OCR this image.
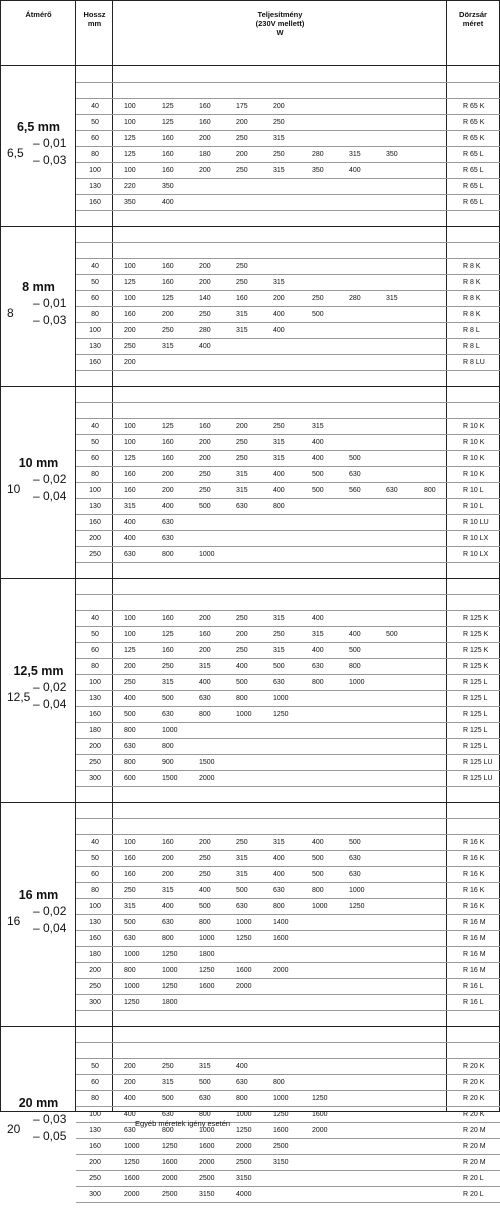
Átmérő	Hossz
mm
Teljesítmény
(230V mellett)
W
Dörzsár
méret
40	100	125	160	175	200	R 65 K
50	100	125	160	200	250	R 65 K
60	125	160	200	250	315	R 65 K
80	125	160	180	200	250	280	315	350	R 65 L
100	100	160	200	250	315	350	400	R 65 L
130	220	350	R 65 L
160	350	400	R 65 L
6,5 mm
6,5
– 0,01
– 0,03
40	100	160	200	250	R 8 K
50	125	160	200	250	315	R 8 K
60	100	125	140	160	200	250	280	315	R 8 K
80	160	200	250	315	400	500	R 8 K
100	200	250	280	315	400	R 8 L
130	250	315	400	R 8 L
160	200	R 8 LU
8 mm
8
– 0,01
– 0,03
40	100	125	160	200	250	315	R 10 K
50	100	160	200	250	315	400	R 10 K
60	125	160	200	250	315	400	500	R 10 K
80	160	200	250	315	400	500	630	R 10 K
100	160	200	250	315	400	500	560	630	800	R 10 L
130	315	400	500	630	800	R 10 L
160	400	630	R 10 LU
200	400	630	R 10 LX
250	630	800	1000	R 10 LX
10 mm
10
– 0,02
– 0,04
40	100	160	200	250	315	400	R 125 K
50	100	125	160	200	250	315	400	500	R 125 K
60	125	160	200	250	315	400	500	R 125 K
80	200	250	315	400	500	630	800	R 125 K
100	250	315	400	500	630	800	1000	R 125 L
130	400	500	630	800	1000	R 125 L
160	500	630	800	1000	1250	R 125 L
180	800	1000	R 125 L
200	630	800	R 125 L
250	800	900	1500	R 125 LU
300	600	1500	2000	R 125 LU
12,5 mm
12,5
– 0,02
– 0,04
40	100	160	200	250	315	400	500	R 16 K
50	160	200	250	315	400	500	630	R 16 K
60	160	200	250	315	400	500	630	R 16 K
80	250	315	400	500	630	800	1000	R 16 K
100	315	400	500	630	800	1000	1250	R 16 K
130	500	630	800	1000	1400	R 16 M
160	630	800	1000	1250	1600	R 16 M
180	1000	1250	1800	R 16 M
200	800	1000	1250	1600	2000	R 16 M
250	1000	1250	1600	2000	R 16 L
300	1250	1800	R 16 L
16 mm
16
– 0,02
– 0,04
50	200	250	315	400	R 20 K
60	200	315	500	630	800	R 20 K
80	400	500	630	800	1000	1250	R 20 K
100	400	630	800	1000	1250	1600	R 20 K
130	630	800	1000	1250	1600	2000	R 20 M
160	1000	1250	1600	2000	2500	R 20 M
200	1250	1600	2000	2500	3150	R 20 M
250	1600	2000	2500	3150	R 20 L
300	2000	2500	3150	4000	R 20 L
20 mm
20
– 0,03
– 0,05
Egyéb méretek igény esetén
